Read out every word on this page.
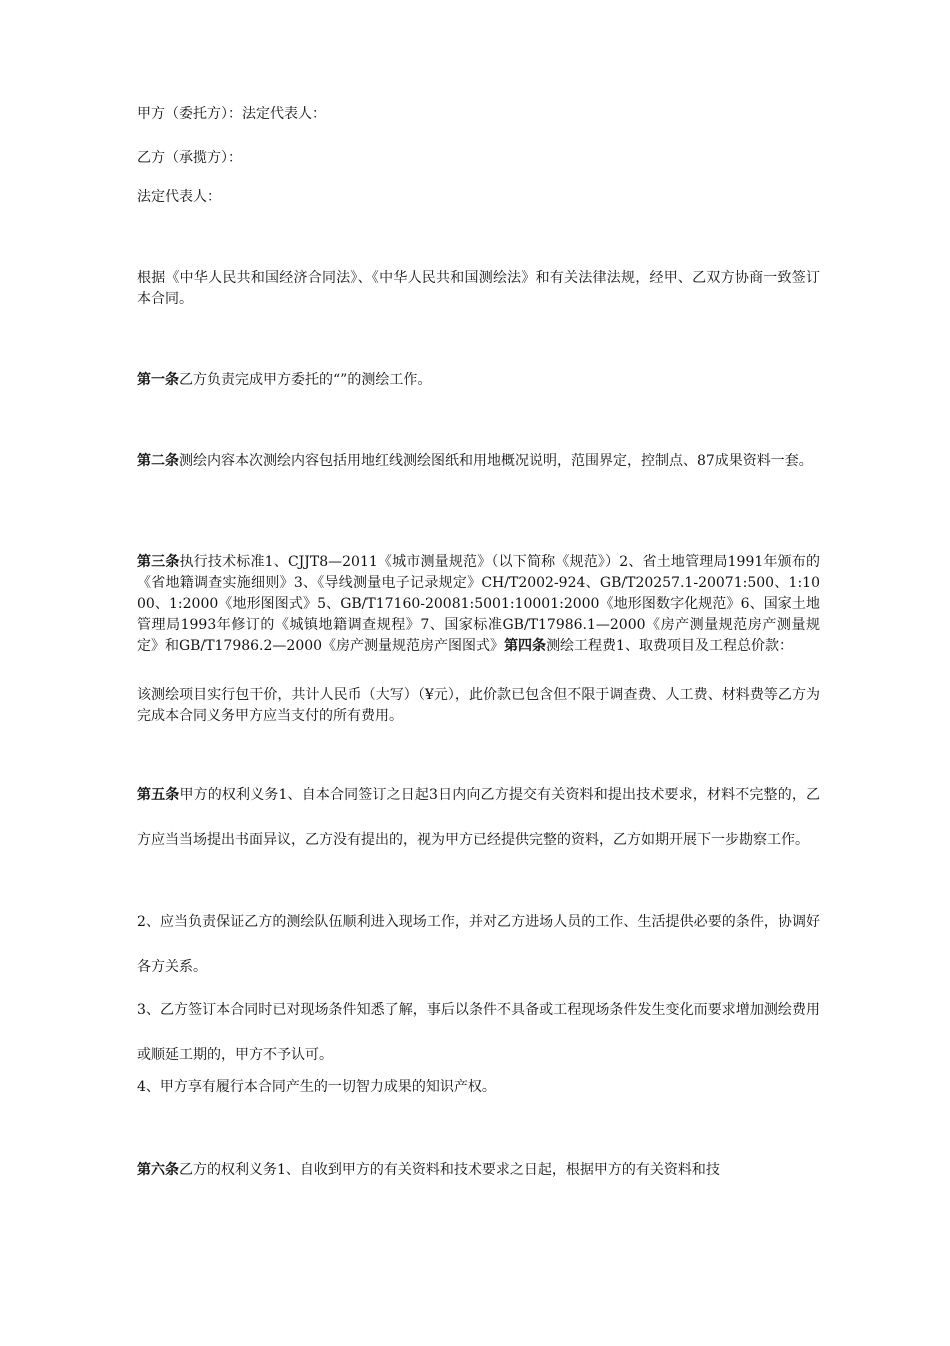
甲方（委托方）：法定代表人：

乙方（承揽方）：

法定代表人：

根据《中华人民共和国经济合同法》、《中华人民共和国测绘法》和有关法律法规，经甲、乙双方协商一致签订本合同。

第一条乙方负责完成甲方委托的“”的测绘工作。

第二条测绘内容本次测绘内容包括用地红线测绘图纸和用地概况说明，范围界定，控制点、87成果资料一套。

第三条执行技术标准1、CJJT8—2011《城市测量规范》（以下简称《规范》）2、省土地管理局1991年颁布的《省地籍调查实施细则》3、《导线测量电子记录规定》CH/T2002-924、GB/T20257.1-20071:500、1:1000、1:2000《地形图图式》5、GB/T17160-20081:5001:10001:2000《地形图数字化规范》6、国家土地管理局1993年修订的《城镇地籍调查规程》7、国家标准GB/T17986.1—2000《房产测量规范房产测量规定》和GB/T17986.2—2000《房产测量规范房产图图式》第四条测绘工程费1、取费项目及工程总价款：

该测绘项目实行包干价，共计人民币（大写）（¥元），此价款已包含但不限于调查费、人工费、材料费等乙方为完成本合同义务甲方应当支付的所有费用。

第五条甲方的权利义务1、自本合同签订之日起3日内向乙方提交有关资料和提出技术要求，材料不完整的，乙方应当当场提出书面异议，乙方没有提出的，视为甲方已经提供完整的资料，乙方如期开展下一步勘察工作。

2、应当负责保证乙方的测绘队伍顺利进入现场工作，并对乙方进场人员的工作、生活提供必要的条件，协调好各方关系。

3、乙方签订本合同时已对现场条件知悉了解，事后以条件不具备或工程现场条件发生变化而要求增加测绘费用或顺延工期的，甲方不予认可。

4、甲方享有履行本合同产生的一切智力成果的知识产权。

第六条乙方的权利义务1、自收到甲方的有关资料和技术要求之日起，根据甲方的有关资料和技
